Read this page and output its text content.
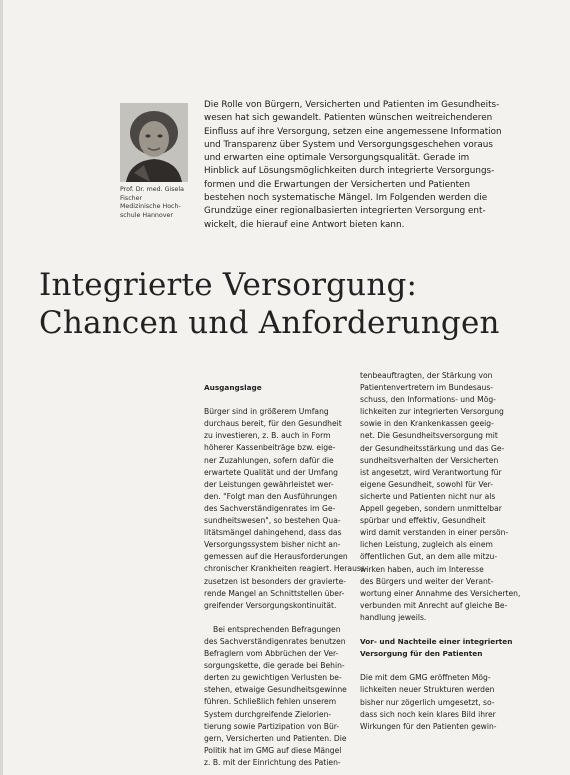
Prof. Dr. med. Gisela
Fischer
Medizinische Hoch-
schule Hannover
Die Rolle von Bürgern, Versicherten und Patienten im Gesundheits-
wesen hat sich gewandelt. Patienten wünschen weitreichenderen
Einfluss auf ihre Versorgung, setzen eine angemessene Information
und Transparenz über System und Versorgungsgeschehen voraus
und erwarten eine optimale Versorgungsqualität. Gerade im
Hinblick auf Lösungsmöglichkeiten durch integrierte Versorgungs-
formen und die Erwartungen der Versicherten und Patienten
bestehen noch systematische Mängel. Im Folgenden werden die
Grundzüge einer regionalbasierten integrierten Versorgung ent-
wickelt, die hierauf eine Antwort bieten kann.
Integrierte Versorgung:
Chancen und Anforderungen
Ausgangslage
Bürger sind in größerem Umfang
durchaus bereit, für den Gesundheit
zu investieren, z. B. auch in Form
höherer Kassenbeiträge bzw. eige-
ner Zuzahlungen, sofern dafür die
erwartete Qualität und der Umfang
der Leistungen gewährleistet wer-
den. "Folgt man den Ausführungen
des Sachverständigenrates im Ge-
sundheitswesen", so bestehen Qua-
litätsmängel dahingehend, dass das
Versorgungssystem bisher nicht an-
gemessen auf die Herausforderungen
chronischer Krankheiten reagiert. Herauss-
zusetzen ist besonders der gravierte-
rende Mangel an Schnittstellen über-
greifender Versorgungskontinuität.
Bei entsprechenden Befragungen
des Sachverständigenrates benutzen
Befraglern vom Abbrüchen der Ver-
sorgungskette, die gerade bei Behin-
derten zu gewichtigen Verlusten be-
stehen, etwaige Gesundheitsgewinne
führen. Schließlich fehlen unserem
System durchgreifende Zielorien-
tierung sowie Partizipation von Bür-
gern, Versicherten und Patienten. Die
Politik hat im GMG auf diese Mängel
z. B. mit der Einrichtung des Patien-
tenbeauftragten, der Stärkung von
Patientenvertretern im Bundesaus-
schuss, den Informations- und Mög-
lichkeiten zur integrierten Versorgung
sowie in den Krankenkassen geeig-
net. Die Gesundheitsversorgung mit
der Gesundheitsstärkung und das Ge-
sundheitsverhalten der Versicherten
ist angesetzt, wird Verantwortung für
eigene Gesundheit, sowohl für Ver-
sicherte und Patienten nicht nur als
Appell gegeben, sondern unmittelbar
spürbar und effektiv, Gesundheit
wird damit verstanden in einer persön-
lichen Leistung, zugleich als einem
öffentlichen Gut, an dem alle mitzu-
wirken haben, auch im Interesse
des Bürgers und weiter der Verant-
wortung einer Annahme des Versicherten,
verbunden mit Anrecht auf gleiche Be-
handlung jeweils.
Vor- und Nachteile einer integrierten
Versorgung für den Patienten
Die mit dem GMG eröffneten Mög-
lichkeiten neuer Strukturen werden
bisher nur zögerlich umgesetzt, so-
dass sich noch kein klares Bild ihrer
Wirkungen für den Patienten gewin-
